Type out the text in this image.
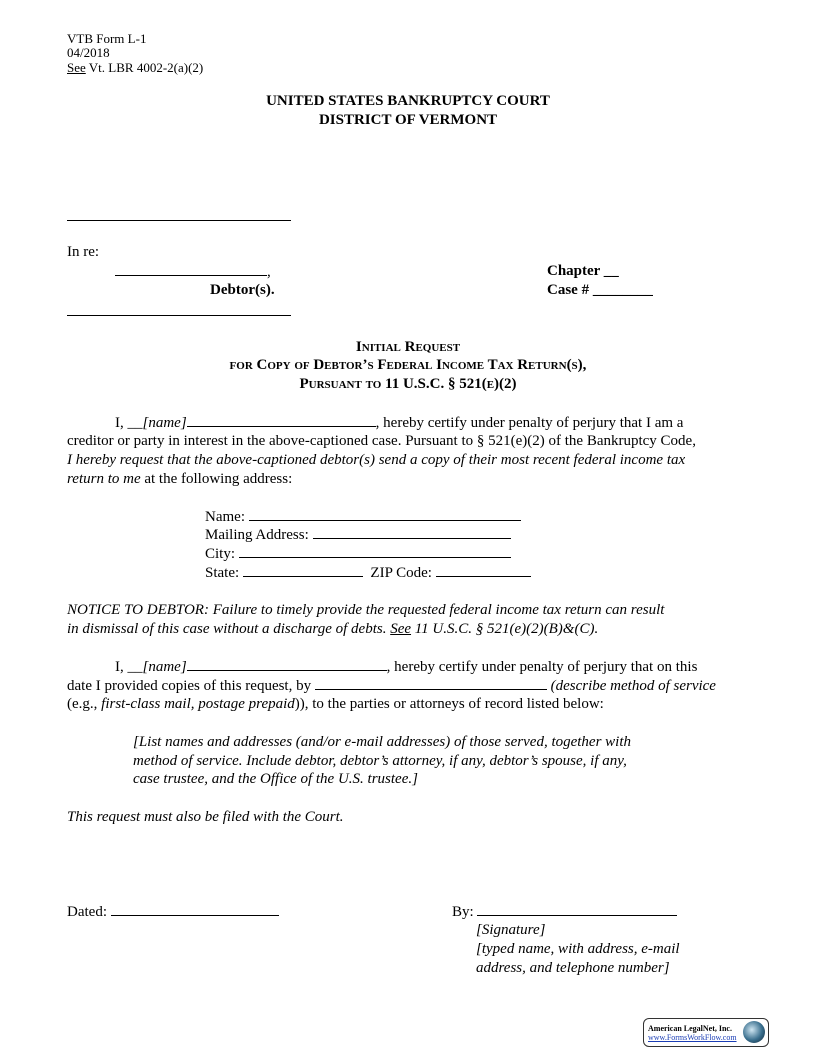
VTB Form L-1
04/2018
See Vt. LBR 4002-2(a)(2)
UNITED STATES BANKRUPTCY COURT
DISTRICT OF VERMONT
In re:
,
Debtor(s).
Chapter __
Case # ________
Initial Request
for Copy of Debtor’s Federal Income Tax Return(s),
Pursuant to 11 U.S.C. § 521(e)(2)
I, __[name]	, hereby certify under penalty of perjury that I am a
creditor or party in interest in the above-captioned case. Pursuant to § 521(e)(2) of the Bankruptcy Code,
I hereby request that the above-captioned debtor(s) send a copy of their most recent federal income tax
return to me at the following address:
Name:
Mailing Address:
City:
State:	ZIP Code:
NOTICE TO DEBTOR: Failure to timely provide the requested federal income tax return can result
in dismissal of this case without a discharge of debts. See 11 U.S.C. § 521(e)(2)(B)&(C).
I, __[name]	, hereby certify under penalty of perjury that on this
date I provided copies of this request, by	(describe method of service
(e.g., first-class mail, postage prepaid)), to the parties or attorneys of record listed below:
[List names and addresses (and/or e-mail addresses) of those served, together with
method of service. Include debtor, debtor’s attorney, if any, debtor’s spouse, if any,
case trustee, and the Office of the U.S. trustee.]
This request must also be filed with the Court.
Dated:	By:
[Signature]
[typed name, with address, e-mail
address, and telephone number]
American LegalNet, Inc.
www.FormsWorkFlow.com
